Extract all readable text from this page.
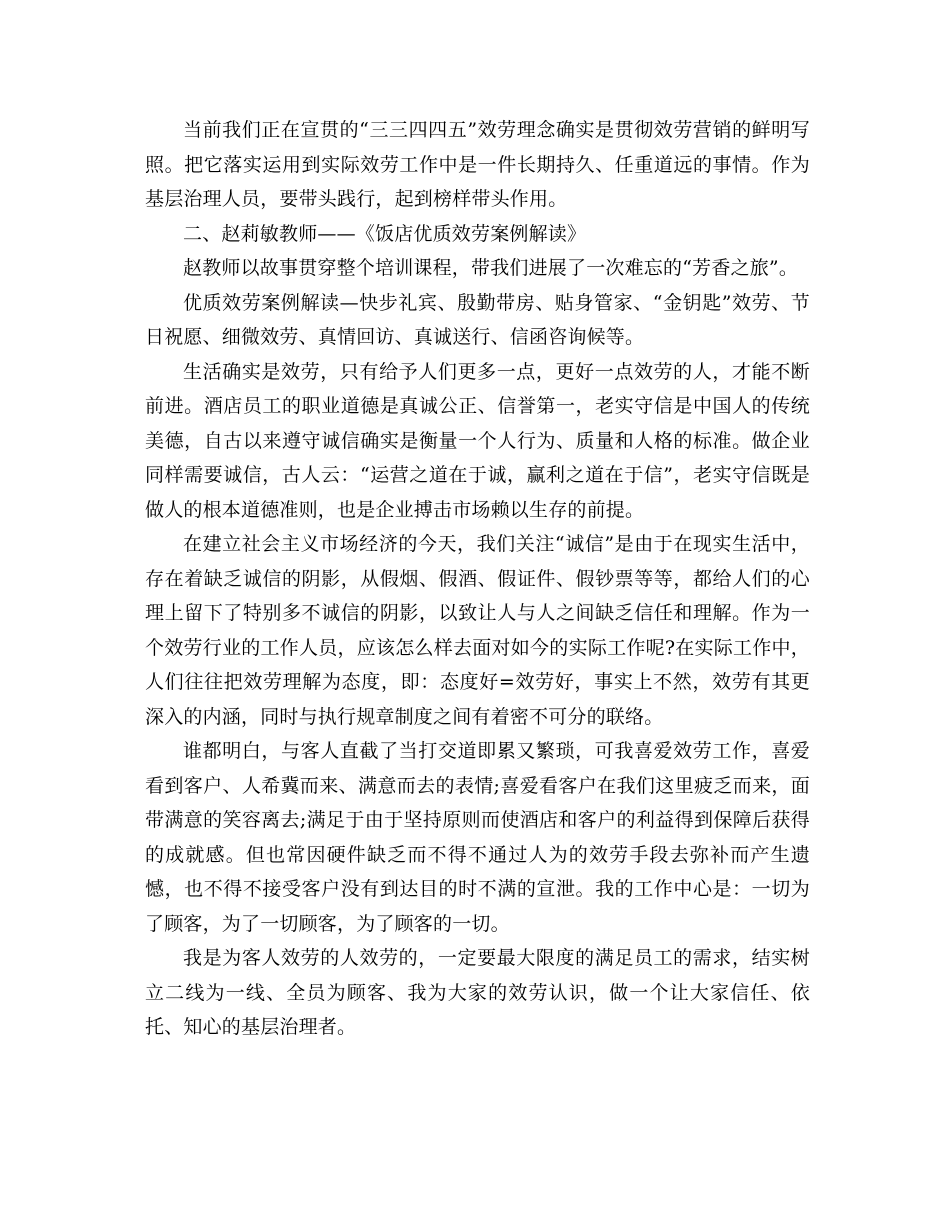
当前我们正在宣贯的“三三四四五”效劳理念确实是贯彻效劳营销的鲜明写照。把它落实运用到实际效劳工作中是一件长期持久、任重道远的事情。作为基层治理人员，要带头践行，起到榜样带头作用。

二、赵莉敏教师——《饭店优质效劳案例解读》

赵教师以故事贯穿整个培训课程，带我们进展了一次难忘的“芳香之旅”。

优质效劳案例解读—快步礼宾、殷勤带房、贴身管家、“金钥匙”效劳、节日祝愿、细微效劳、真情回访、真诚送行、信函咨询候等。

生活确实是效劳，只有给予人们更多一点，更好一点效劳的人，才能不断前进。酒店员工的职业道德是真诚公正、信誉第一，老实守信是中国人的传统美德，自古以来遵守诚信确实是衡量一个人行为、质量和人格的标准。做企业同样需要诚信，古人云：“运营之道在于诚，赢利之道在于信”，老实守信既是做人的根本道德准则，也是企业搏击市场赖以生存的前提。

在建立社会主义市场经济的今天，我们关注“诚信”是由于在现实生活中，存在着缺乏诚信的阴影，从假烟、假酒、假证件、假钞票等等，都给人们的心理上留下了特别多不诚信的阴影，以致让人与人之间缺乏信任和理解。作为一个效劳行业的工作人员，应该怎么样去面对如今的实际工作呢?在实际工作中，人们往往把效劳理解为态度，即：态度好=效劳好，事实上不然，效劳有其更深入的内涵，同时与执行规章制度之间有着密不可分的联络。

谁都明白，与客人直截了当打交道即累又繁琐，可我喜爱效劳工作，喜爱看到客户、人希冀而来、满意而去的表情;喜爱看客户在我们这里疲乏而来，面带满意的笑容离去;满足于由于坚持原则而使酒店和客户的利益得到保障后获得的成就感。但也常因硬件缺乏而不得不通过人为的效劳手段去弥补而产生遗憾，也不得不接受客户没有到达目的时不满的宣泄。我的工作中心是：一切为了顾客，为了一切顾客，为了顾客的一切。

我是为客人效劳的人效劳的，一定要最大限度的满足员工的需求，结实树立二线为一线、全员为顾客、我为大家的效劳认识，做一个让大家信任、依托、知心的基层治理者。
